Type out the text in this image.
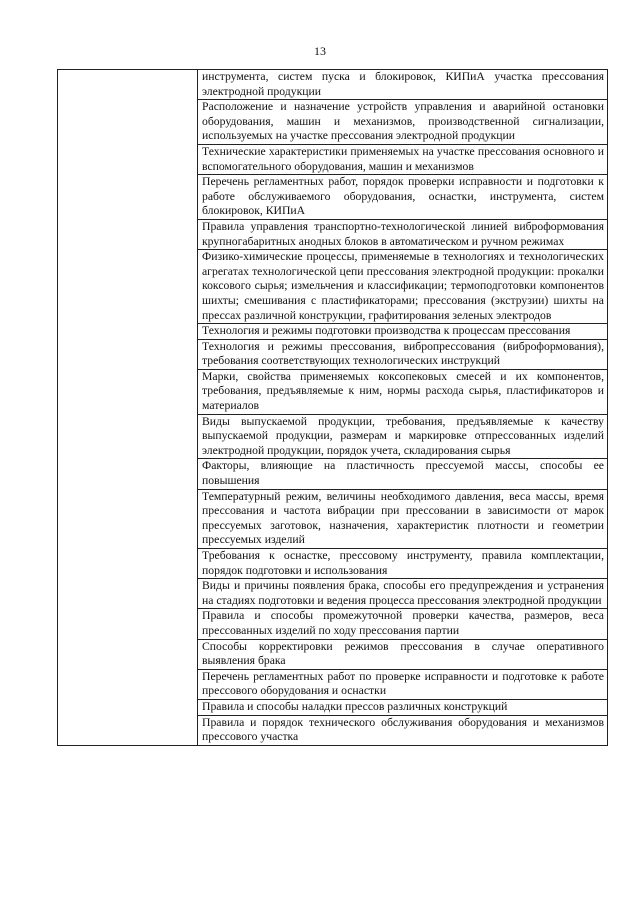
13

инструмента, систем пуска и блокировок, КИПиА участка прессования электродной продукции

Расположение и назначение устройств управления и аварийной остановки оборудования, машин и механизмов, производственной сигнализации, используемых на участке прессования электродной продукции

Технические характеристики применяемых на участке прессования основного и вспомогательного оборудования, машин и механизмов

Перечень регламентных работ, порядок проверки исправности и подготовки к работе обслуживаемого оборудования, оснастки, инструмента, систем блокировок, КИПиА

Правила управления транспортно-технологической линией виброформования крупногабаритных анодных блоков в автоматическом и ручном режимах

Физико-химические процессы, применяемые в технологиях и технологических агрегатах технологической цепи прессования электродной продукции: прокалки коксового сырья; измельчения и классификации; термоподготовки компонентов шихты; смешивания с пластификаторами; прессования (экструзии) шихты на прессах различной конструкции, графитирования зеленых электродов

Технология и режимы подготовки производства к процессам прессования

Технология и режимы прессования, вибропрессования (виброформования), требования соответствующих технологических инструкций

Марки, свойства применяемых коксопековых смесей и их компонентов, требования, предъявляемые к ним, нормы расхода сырья, пластификаторов и материалов

Виды выпускаемой продукции, требования, предъявляемые к качеству выпускаемой продукции, размерам и маркировке отпрессованных изделий электродной продукции, порядок учета, складирования сырья

Факторы, влияющие на пластичность прессуемой массы, способы ее повышения

Температурный режим, величины необходимого давления, веса массы, время прессования и частота вибрации при прессовании в зависимости от марок прессуемых заготовок, назначения, характеристик плотности и геометрии прессуемых изделий

Требования к оснастке, прессовому инструменту, правила комплектации, порядок подготовки и использования

Виды и причины появления брака, способы его предупреждения и устранения на стадиях подготовки и ведения процесса прессования электродной продукции

Правила и способы промежуточной проверки качества, размеров, веса прессованных изделий по ходу прессования партии

Способы корректировки режимов прессования в случае оперативного выявления брака

Перечень регламентных работ по проверке исправности и подготовке к работе прессового оборудования и оснастки

Правила и способы наладки прессов различных конструкций

Правила и порядок технического обслуживания оборудования и механизмов прессового участка
